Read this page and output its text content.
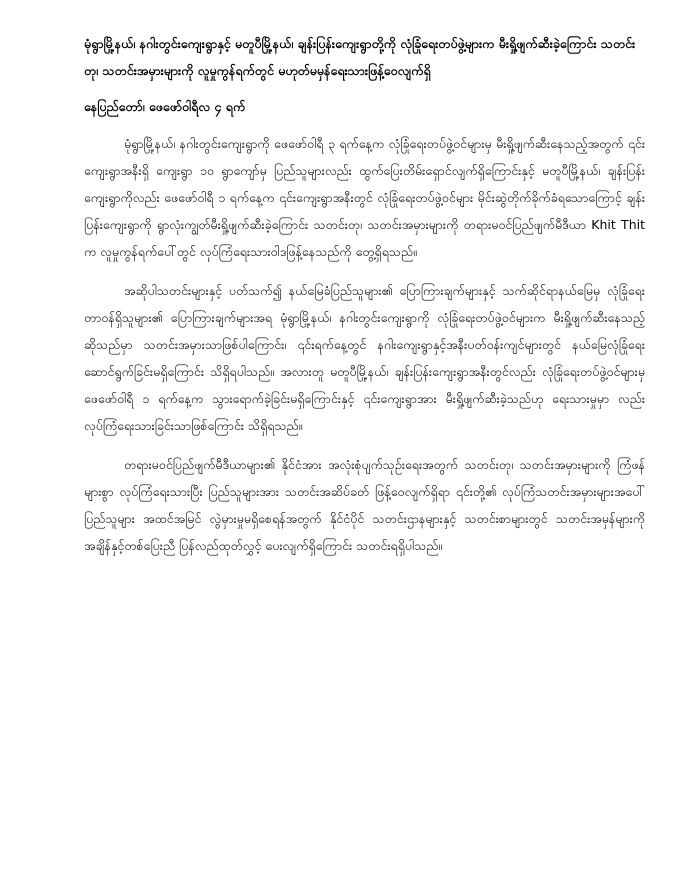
မုံရွာမြို့နယ်၊ နဂါးတွင်းကျေးရွာနှင့် မတူပီမြို့နယ်၊ ချန်းပြန်းကျေးရွာတို့ကို လုံခြုံရေးတပ်ဖွဲ့များက မီးရှို့ဖျက်ဆီးခဲ့ကြောင်း သတင်းတု၊ သတင်းအမှားများကို လူမှုကွန်ရက်တွင် မဟုတ်မမှန်ရေးသားဖြန့်ဝေလျက်ရှိ
နေပြည်တော်၊ ဖေဖော်ဝါရီလ ၄ ရက်
မုံရွာမြို့နယ်၊ နဂါးတွင်းကျေးရွာကို ဖေဖော်ဝါရီ ၃ ရက်နေ့က လုံခြုံရေးတပ်ဖွဲ့ဝင်များမှ မီးရှို့ဖျက်ဆီးနေသည့်အတွက် ၎င်းကျေးရွာအနီးရှိ ကျေးရွာ ၁၀ ရွာကျော်မှ ပြည်သူများလည်း ထွက်ပြေးတိမ်းရှောင်လျက်ရှိကြောင်းနှင့် မတူပီမြို့နယ်၊ ချန်းပြန်းကျေးရွာကိုလည်း ဖေဖော်ဝါရီ ၁ ရက်နေ့က ၎င်းကျေးရွာအနီးတွင် လုံခြုံရေးတပ်ဖွဲ့ဝင်များ မိုင်းဆွဲတိုက်ခိုက်ခံရသောကြောင့် ချန်းပြန်းကျေးရွာကို ရွာလုံးကျွတ်မီးရှို့ဖျက်ဆီးခဲ့ကြောင်း သတင်းတု၊ သတင်းအမှားများကို တရားမဝင်ပြည်ဖျက်မီဒီယာ Khit Thit က လူမှုကွန်ရက်ပေါ်တွင် လုပ်ကြံရေးသားဝါဒဖြန့်နေသည်ကို တွေ့ရှိရသည်။
အဆိုပါသတင်းများနှင့် ပတ်သက်၍ နယ်မြေခံပြည်သူများ၏ ပြောကြားချက်များနှင့် သက်ဆိုင်ရာနယ်မြေမှ လုံခြုံရေးတာဝန်ရှိသူများ၏ ပြောကြားချက်များအရ မုံရွာမြို့နယ်၊ နဂါးတွင်းကျေးရွာကို လုံခြုံရေးတပ်ဖွဲ့ဝင်များက မီးရှို့ဖျက်ဆီးနေသည့် ဆိုသည်မှာ သတင်းအမှားသာဖြစ်ပါကြောင်း၊ ၎င်းရက်နေ့တွင် နဂါးကျေးရွာနှင့်အနီးပတ်ဝန်းကျင်များတွင် နယ်မြေလုံခြုံရေးဆောင်ရွက်ခြင်းမရှိကြောင်း သိရှိရပါသည်။ အလားတူ မတူပီမြို့နယ်၊ ချန်းပြန်းကျေးရွာအနီးတွင်လည်း လုံခြုံရေးတပ်ဖွဲ့ဝင်များမှ ဖေဖော်ဝါရီ ၁ ရက်နေ့က သွားရောက်ခဲ့ခြင်းမရှိကြောင်းနှင့် ၎င်းကျေးရွာအား မီးရှို့ဖျက်ဆီးခဲ့သည်ဟု ရေးသားမှုမှာ လည်း လုပ်ကြံရေးသားခြင်းသာဖြစ်ကြောင်း သိရှိရသည်။
တရားမဝင်ပြည်ဖျက်မီဒီယာများ၏ နိုင်ငံအား အလုံးစုံပျက်သုဉ်းရေးအတွက် သတင်းတု၊ သတင်းအမှားများကို ကြံဖန်များစွာ လုပ်ကြံရေးသားပြီး ပြည်သူများအား သတင်းအဆိပ်ခတ် ဖြန့်ဝေလျက်ရှိရာ ၎င်းတို့၏ လုပ်ကြံသတင်းအမှားများအပေါ် ပြည်သူများ အထင်အမြင် လွဲမှားမှုမရှိစေရန်အတွက် နိုင်ငံပိုင် သတင်းဌာနများနှင့် သတင်းစာများတွင် သတင်းအမှန်များကို အချိန်နှင့်တစ်ပြေးညီ ပြန်လည်ထုတ်လွှင့် ပေးလျက်ရှိကြောင်း သတင်းရရှိပါသည်။
